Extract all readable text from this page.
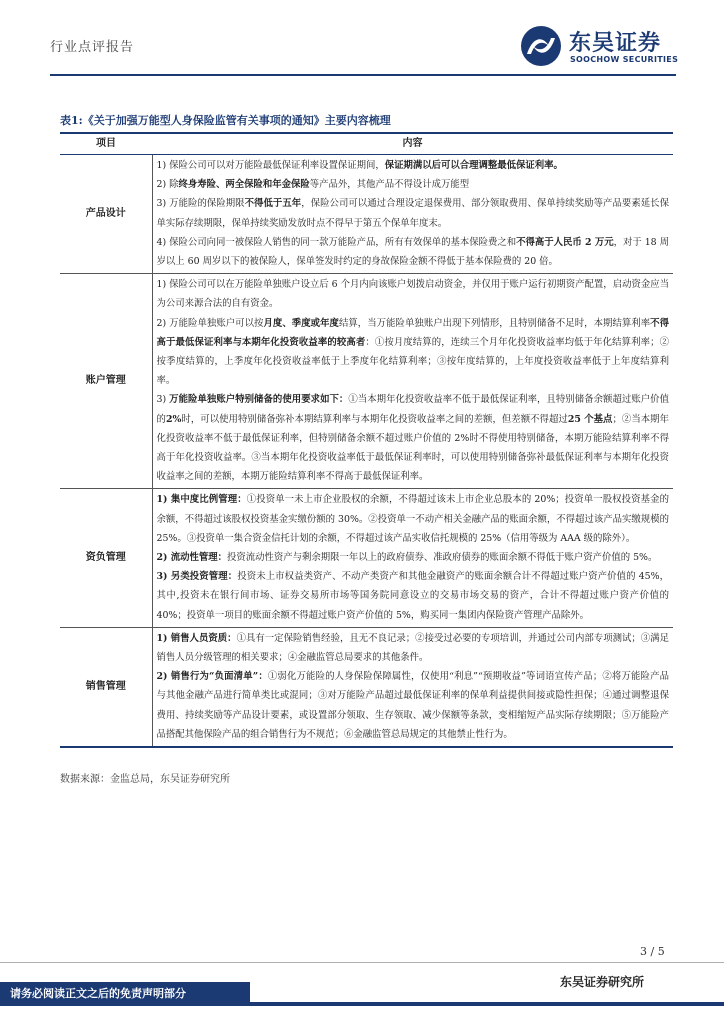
行业点评报告	东吴证券
SOOCHOW SECURITIES
表1:《关于加强万能型人身保险监管有关事项的通知》主要内容梳理
项目	内容
产品设计	1) 保险公司可以对万能险最低保证利率设置保证期间，保证期满以后可以合理调整最低保证利率。

2) 除终身寿险、两全保险和年金保险等产品外，其他产品不得设计成万能型

3) 万能险的保险期限不得低于五年，保险公司可以通过合理设定退保费用、部分领取费用、保单持续奖励等产品要素延长保单实际存续期限，保单持续奖励发放时点不得早于第五个保单年度末。

4) 保险公司向同一被保险人销售的同一款万能险产品，所有有效保单的基本保险费之和不得高于人民币 2 万元，对于 18 周岁以上 60 周岁以下的被保险人，保单签发时约定的身故保险金额不得低于基本保险费的 20 倍。

账户管理	1) 保险公司可以在万能险单独账户设立后 6 个月内向该账户划拨启动资金，并仅用于账户运行初期资产配置，启动资金应当为公司来源合法的自有资金。

2) 万能险单独账户可以按月度、季度或年度结算，当万能险单独账户出现下列情形，且特别储备不足时，本期结算利率不得高于最低保证利率与本期年化投资收益率的较高者：①按月度结算的，连续三个月年化投资收益率均低于年化结算利率；②按季度结算的，上季度年化投资收益率低于上季度年化结算利率；③按年度结算的，上年度投资收益率低于上年度结算利率。

3) 万能险单独账户特别储备的使用要求如下：①当本期年化投资收益率不低于最低保证利率，且特别储备余额超过账户价值的2%时，可以使用特别储备弥补本期结算利率与本期年化投资收益率之间的差额，但差额不得超过25 个基点；②当本期年化投资收益率不低于最低保证利率，但特别储备余额不超过账户价值的 2%时不得使用特别储备，本期万能险结算利率不得高于年化投资收益率。③当本期年化投资收益率低于最低保证利率时，可以使用特别储备弥补最低保证利率与本期年化投资收益率之间的差额，本期万能险结算利率不得高于最低保证利率。

资负管理	1) 集中度比例管理：①投资单一未上市企业股权的余额，不得超过该未上市企业总股本的 20%；投资单一股权投资基金的余额，不得超过该股权投资基金实缴份额的 30%。②投资单一不动产相关金融产品的账面余额，不得超过该产品实缴规模的 25%。③投资单一集合资金信托计划的余额，不得超过该产品实收信托规模的 25%（信用等级为 AAA 级的除外）。

2) 流动性管理：投资流动性资产与剩余期限一年以上的政府债券、准政府债券的账面余额不得低于账户资产价值的 5%。

3) 另类投资管理：投资未上市权益类资产、不动产类资产和其他金融资产的账面余额合计不得超过账户资产价值的 45%，其中,投资未在银行间市场、证券交易所市场等国务院同意设立的交易市场交易的资产，合计不得超过账户资产价值的 40%；投资单一项目的账面余额不得超过账户资产价值的 5%，购买同一集团内保险资产管理产品除外。

销售管理	1) 销售人员资质：①具有一定保险销售经验，且无不良记录；②接受过必要的专项培训，并通过公司内部专项测试；③满足销售人员分级管理的相关要求；④金融监管总局要求的其他条件。

2) 销售行为“负面清单”：①弱化万能险的人身保险保障属性，仅使用“利息”“预期收益”等词语宣传产品；②将万能险产品与其他金融产品进行简单类比或混同；③对万能险产品超过最低保证利率的保单利益提供间接或隐性担保；④通过调整退保费用、持续奖励等产品设计要素，或设置部分领取、生存领取、减少保额等条款，变相缩短产品实际存续期限；⑤万能险产品搭配其他保险产品的组合销售行为不规范；⑥金融监管总局规定的其他禁止性行为。

数据来源：金监总局，东吴证券研究所
3 / 5
请务必阅读正文之后的免责声明部分
东吴证券研究所
